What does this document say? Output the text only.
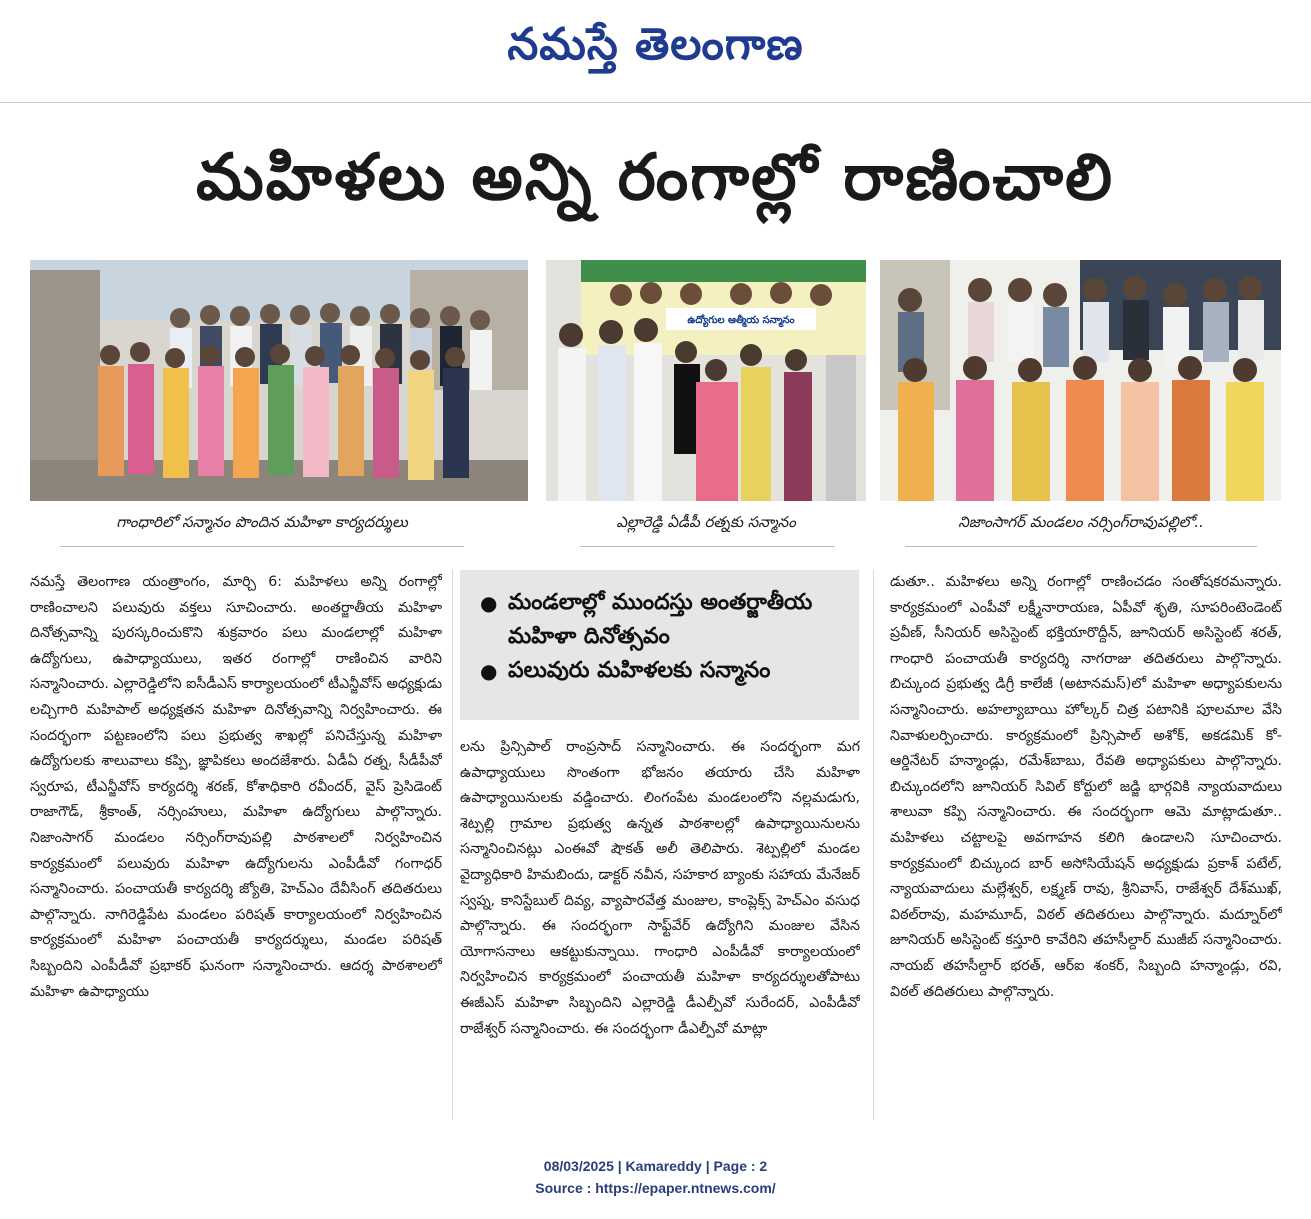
నమస్తే తెలంగాణ
మహిళలు అన్ని రంగాల్లో రాణించాలి
ఉద్యోగుల ఆత్మీయ సన్మానం
గాంధారిలో సన్మానం పొందిన మహిళా కార్యదర్శులు	ఎల్లారెడ్డి ఏడీపీ రత్నకు సన్మానం	నిజాంసాగర్ మండలం నర్సింగ్‌రావుపల్లిలో..

నమస్తే తెలంగాణ యంత్రాంగం, మార్చి 6: మహిళలు అన్ని రంగాల్లో రాణించాలని పలువురు వక్తలు సూచించారు. అంతర్జాతీయ మహిళా దినోత్సవాన్ని పురస్కరించుకొని శుక్రవారం పలు మండలాల్లో మహిళా ఉద్యోగులు, ఉపాధ్యాయులు, ఇతర రంగాల్లో రాణించిన వారిని సన్మానించారు. ఎల్లారెడ్డిలోని ఐసీడీఎస్ కార్యాలయంలో టీఎన్జీవోస్ అధ్యక్షుడు లచ్చిగారి మహిపాల్ అధ్యక్షతన మహిళా దినోత్సవాన్ని నిర్వహించారు. ఈ సందర్భంగా పట్టణంలోని పలు ప్రభుత్వ శాఖల్లో పనిచేస్తున్న మహిళా ఉద్యోగులకు శాలువాలు కప్పి, జ్ఞాపికలు అందజేశారు. ఏడీఏ రత్న, సీడీపీవో స్వరూప, టీఎన్జీవోస్ కార్యదర్శి శరణ్, కోశాధికారి రవీందర్, వైస్ ప్రెసిడెంట్ రాజాగౌడ్, శ్రీకాంత్, నర్సింహులు, మహిళా ఉద్యోగులు పాల్గొన్నారు. నిజాంసాగర్ మండలం నర్సింగ్‌రావుపల్లి పాఠశాలలో నిర్వహించిన కార్యక్రమంలో పలువురు మహిళా ఉద్యోగులను ఎంపీడీవో గంగాధర్ సన్మానించారు. పంచాయతీ కార్యదర్శి జ్యోతి, హెచ్‌ఎం దేవీసింగ్ తదితరులు పాల్గొన్నారు. నాగిరెడ్డిపేట మండలం పరిషత్ కార్యాలయంలో నిర్వహించిన కార్యక్రమంలో మహిళా పంచాయతీ కార్యదర్శులు, మండల పరిషత్ సిబ్బందిని ఎంపీడీవో ప్రభాకర్ ఘనంగా సన్మానించారు. ఆదర్శ పాఠశాలలో మహిళా ఉపాధ్యాయు

● మండలాల్లో ముందస్తు అంతర్జాతీయ మహిళా దినోత్సవం
● పలువురు మహిళలకు సన్మానం

లను ప్రిన్సిపాల్ రాంప్రసాద్ సన్మానించారు. ఈ సందర్భంగా మగ ఉపాధ్యాయులు సొంతంగా భోజనం తయారు చేసి మహిళా ఉపాధ్యాయినులకు వడ్డించారు. లింగంపేట మండలంలోని నల్లమడుగు, శెట్పల్లి గ్రామాల ప్రభుత్వ ఉన్నత పాఠశాలల్లో ఉపాధ్యాయినులను సన్మానించినట్లు ఎంఈవో షౌకత్ అలీ తెలిపారు. శెట్పల్లిలో మండల వైద్యాధికారి హిమబిందు, డాక్టర్ నవీన, సహకార బ్యాంకు సహాయ మేనేజర్ స్వప్న, కానిస్టేబుల్ దివ్య, వ్యాపారవేత్త మంజుల, కాంప్లెక్స్ హెచ్‌ఎం వసుధ పాల్గొన్నారు. ఈ సందర్భంగా సాఫ్ట్‌వేర్ ఉద్యోగిని మంజుల వేసిన యోగాసనాలు ఆకట్టుకున్నాయి. గాంధారి ఎంపీడీవో కార్యాలయంలో నిర్వహించిన కార్యక్రమంలో పంచాయతీ మహిళా కార్యదర్శులతోపాటు ఈజీఎస్ మహిళా సిబ్బందిని ఎల్లారెడ్డి డీఎల్పీవో సురేందర్, ఎంపీడీవో రాజేశ్వర్ సన్మానించారు. ఈ సందర్భంగా డీఎల్పీవో మాట్లా

డుతూ.. మహిళలు అన్ని రంగాల్లో రాణించడం సంతోషకరమన్నారు. కార్యక్రమంలో ఎంపీవో లక్ష్మీనారాయణ, ఏపీవో శృతి, సూపరింటెండెంట్ ప్రవీణ్, సీనియర్ అసిస్టెంట్ భక్తియారొద్దీన్, జూనియర్ అసిస్టెంట్ శరత్, గాంధారి పంచాయతీ కార్యదర్శి నాగరాజు తదితరులు పాల్గొన్నారు. బిచ్కుంద ప్రభుత్వ డిగ్రీ కాలేజీ (అటానమస్)లో మహిళా అధ్యాపకులను సన్మానించారు. అహల్యాబాయి హోల్కర్ చిత్ర పటానికి పూలమాల వేసి నివాళులర్పించారు. కార్యక్రమంలో ప్రిన్సిపాల్ అశోక్, అకడమిక్ కో-ఆర్డినేటర్ హన్మాండ్లు, రమేశ్‌బాబు, రేవతి అధ్యాపకులు పాల్గొన్నారు. బిచ్కుందలోని జూనియర్ సివిల్ కోర్టులో జడ్జి భార్గవికి న్యాయవాదులు శాలువా కప్పి సన్మానించారు. ఈ సందర్భంగా ఆమె మాట్లాడుతూ.. మహిళలు చట్టాలపై అవగాహన కలిగి ఉండాలని సూచించారు. కార్యక్రమంలో బిచ్కుంద బార్ అసోసియేషన్ అధ్యక్షుడు ప్రకాశ్ పటేల్, న్యాయవాదులు మల్లేశ్వర్, లక్ష్మణ్ రావు, శ్రీనివాస్, రాజేశ్వర్ దేశ్‌ముఖ్, విఠల్‌రావు, మహమూద్, విఠల్ తదితరులు పాల్గొన్నారు. మద్నూర్‌లో జూనియర్ అసిస్టెంట్ కస్తూరి కావేరిని తహసీల్దార్ ముజీబ్ సన్మానించారు. నాయబ్ తహసీల్దార్ భరత్, ఆర్‌ఐ శంకర్, సిబ్బంది హన్మాండ్లు, రవి, విఠల్ తదితరులు పాల్గొన్నారు.

08/03/2025 | Kamareddy | Page : 2
Source : https://epaper.ntnews.com/
